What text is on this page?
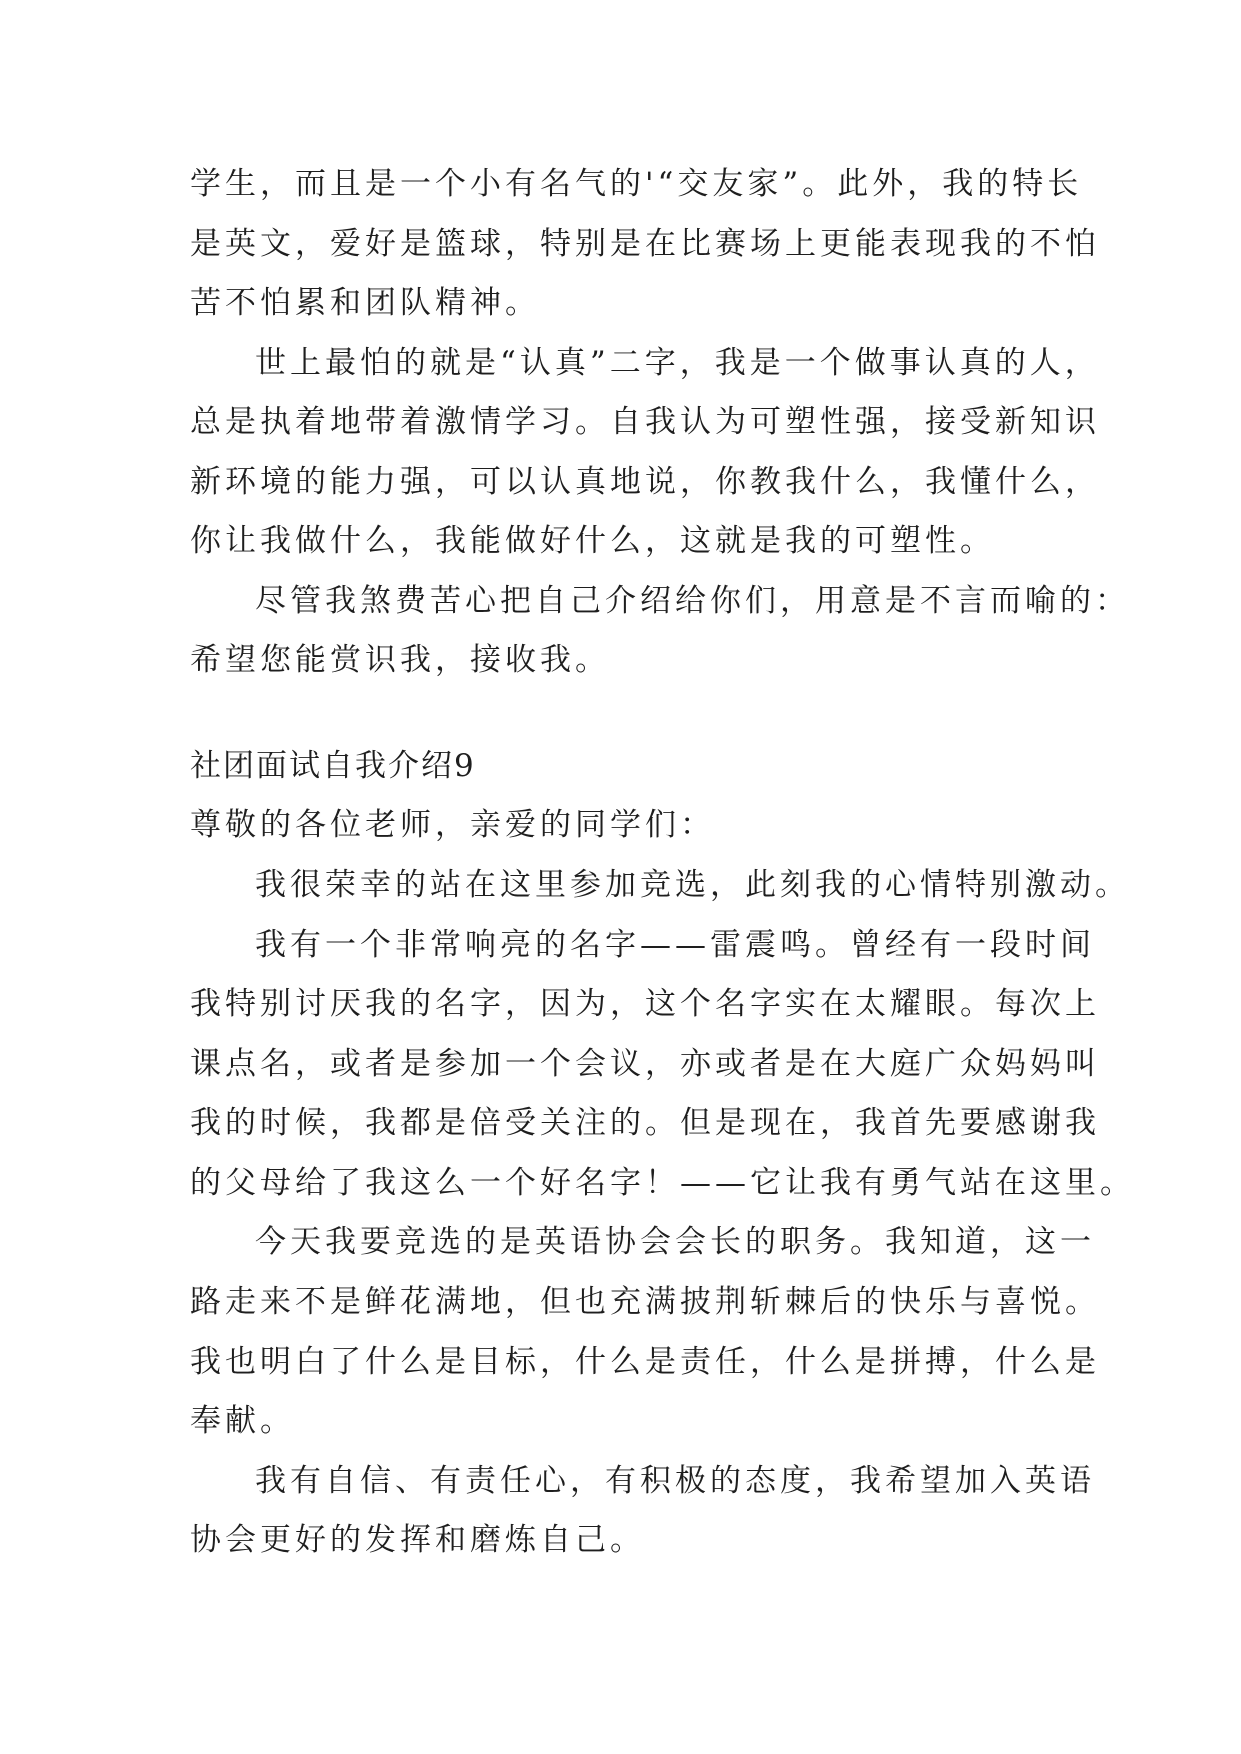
学生，而且是一个小有名气的'“交友家”。此外，我的特长
是英文，爱好是篮球，特别是在比赛场上更能表现我的不怕
苦不怕累和团队精神。
世上最怕的就是“认真”二字，我是一个做事认真的人，
总是执着地带着激情学习。自我认为可塑性强，接受新知识
新环境的能力强，可以认真地说，你教我什么，我懂什么，
你让我做什么，我能做好什么，这就是我的可塑性。
尽管我煞费苦心把自己介绍给你们，用意是不言而喻的：
希望您能赏识我，接收我。
社团面试自我介绍9
尊敬的各位老师，亲爱的同学们：
我很荣幸的站在这里参加竞选，此刻我的心情特别激动。
我有一个非常响亮的名字——雷震鸣。曾经有一段时间
我特别讨厌我的名字，因为，这个名字实在太耀眼。每次上
课点名，或者是参加一个会议，亦或者是在大庭广众妈妈叫
我的时候，我都是倍受关注的。但是现在，我首先要感谢我
的父母给了我这么一个好名字！——它让我有勇气站在这里。
今天我要竞选的是英语协会会长的职务。我知道，这一
路走来不是鲜花满地，但也充满披荆斩棘后的快乐与喜悦。
我也明白了什么是目标，什么是责任，什么是拼搏，什么是
奉献。
我有自信、有责任心，有积极的态度，我希望加入英语
协会更好的发挥和磨炼自己。
